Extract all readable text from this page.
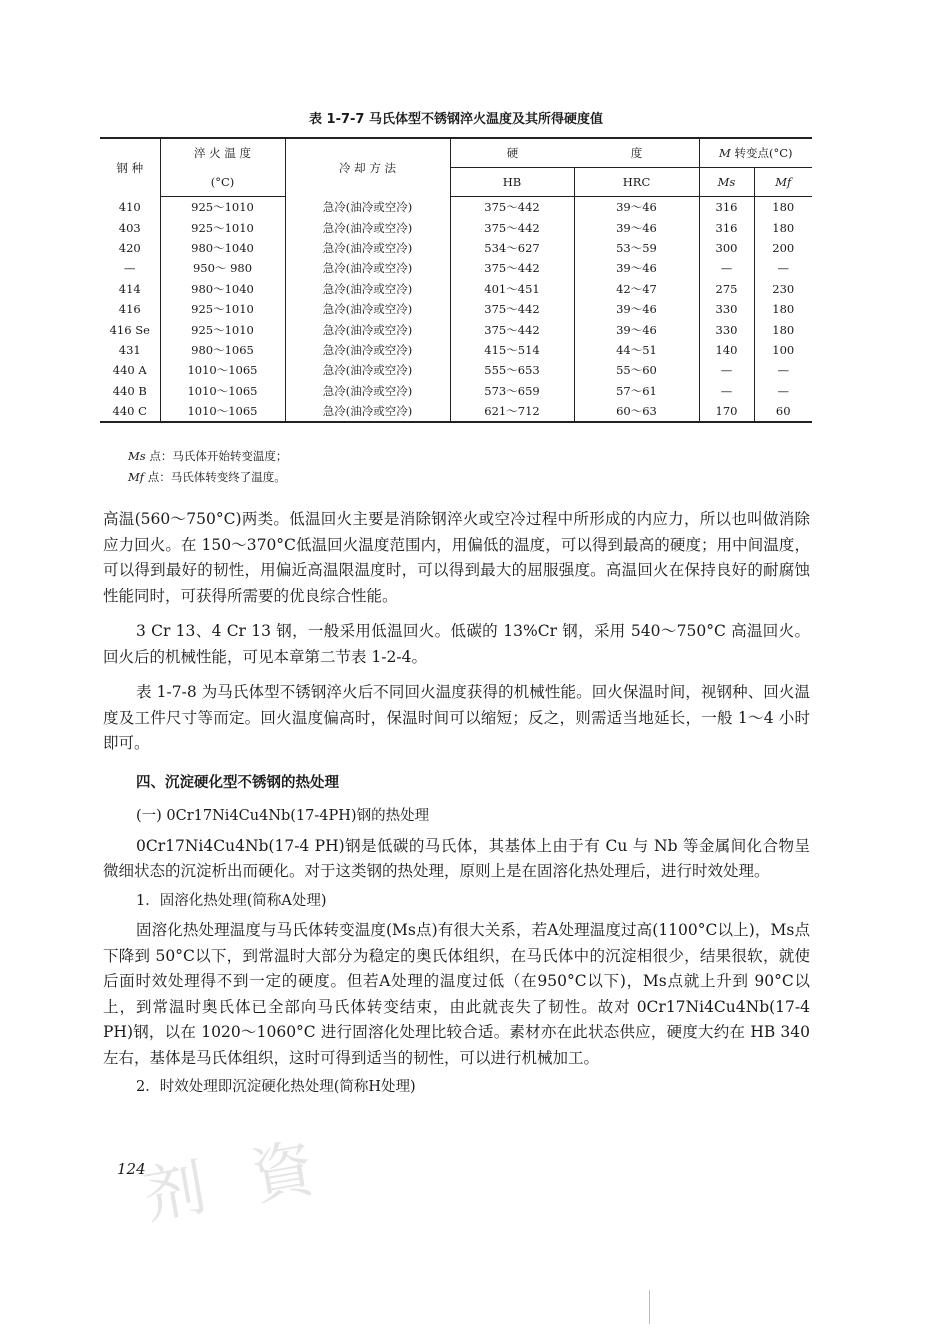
表 1-7-7 马氏体型不锈钢淬火温度及其所得硬度值
钢 种	淬 火 温 度	冷 却 方 法	硬 度		M 转变点(°C)	
	(°C)		HB	HRC	Ms	Mf
410	925～1010	急冷(油冷或空冷)	375～442	39～46	316	180
403	925～1010	急冷(油冷或空冷)	375～442	39～46	316	180
420	980～1040	急冷(油冷或空冷)	534～627	53～59	300	200
—	950～ 980	急冷(油冷或空冷)	375～442	39～46	—	—
414	980～1040	急冷(油冷或空冷)	401～451	42～47	275	230
416	925～1010	急冷(油冷或空冷)	375～442	39～46	330	180
416 Se	925～1010	急冷(油冷或空冷)	375～442	39～46	330	180
431	980～1065	急冷(油冷或空冷)	415～514	44～51	140	100
440 A	1010～1065	急冷(油冷或空冷)	555～653	55～60	—	—
440 B	1010～1065	急冷(油冷或空冷)	573～659	57～61	—	—
440 C	1010～1065	急冷(油冷或空冷)	621～712	60～63	170	60
Ms 点：马氏体开始转变温度；
Mf 点：马氏体转变终了温度。

高温(560～750°C)两类。低温回火主要是消除钢淬火或空冷过程中所形成的内应力，所以也叫做消除应力回火。在 150～370°C低温回火温度范围内，用偏低的温度，可以得到最高的硬度；用中间温度，可以得到最好的韧性，用偏近高温限温度时，可以得到最大的屈服强度。高温回火在保持良好的耐腐蚀性能同时，可获得所需要的优良综合性能。

3 Cr 13、4 Cr 13 钢，一般采用低温回火。低碳的 13%Cr 钢，采用 540～750°C 高温回火。回火后的机械性能，可见本章第二节表 1-2-4。

表 1-7-8 为马氏体型不锈钢淬火后不同回火温度获得的机械性能。回火保温时间，视钢种、回火温度及工件尺寸等而定。回火温度偏高时，保温时间可以缩短；反之，则需适当地延长，一般 1～4 小时即可。

四、沉淀硬化型不锈钢的热处理

(一) 0Cr17Ni4Cu4Nb(17-4PH)钢的热处理

0Cr17Ni4Cu4Nb(17-4 PH)钢是低碳的马氏体，其基体上由于有 Cu 与 Nb 等金属间化合物呈微细状态的沉淀析出而硬化。对于这类钢的热处理，原则上是在固溶化热处理后，进行时效处理。

1．固溶化热处理(简称A处理)

固溶化热处理温度与马氏体转变温度(Ms点)有很大关系，若A处理温度过高(1100°C以上)，Ms点下降到 50°C以下，到常温时大部分为稳定的奥氏体组织，在马氏体中的沉淀相很少，结果很软，就使后面时效处理得不到一定的硬度。但若A处理的温度过低（在950°C以下)，Ms点就上升到 90°C以上，到常温时奥氏体已全部向马氏体转变结束，由此就丧失了韧性。故对 0Cr17Ni4Cu4Nb(17-4 PH)钢，以在 1020～1060°C 进行固溶化处理比较合适。素材亦在此状态供应，硬度大约在 HB 340 左右，基体是马氏体组织，这时可得到适当的韧性，可以进行机械加工。

2．时效处理即沉淀硬化热处理(简称H处理)

剂 資
124
